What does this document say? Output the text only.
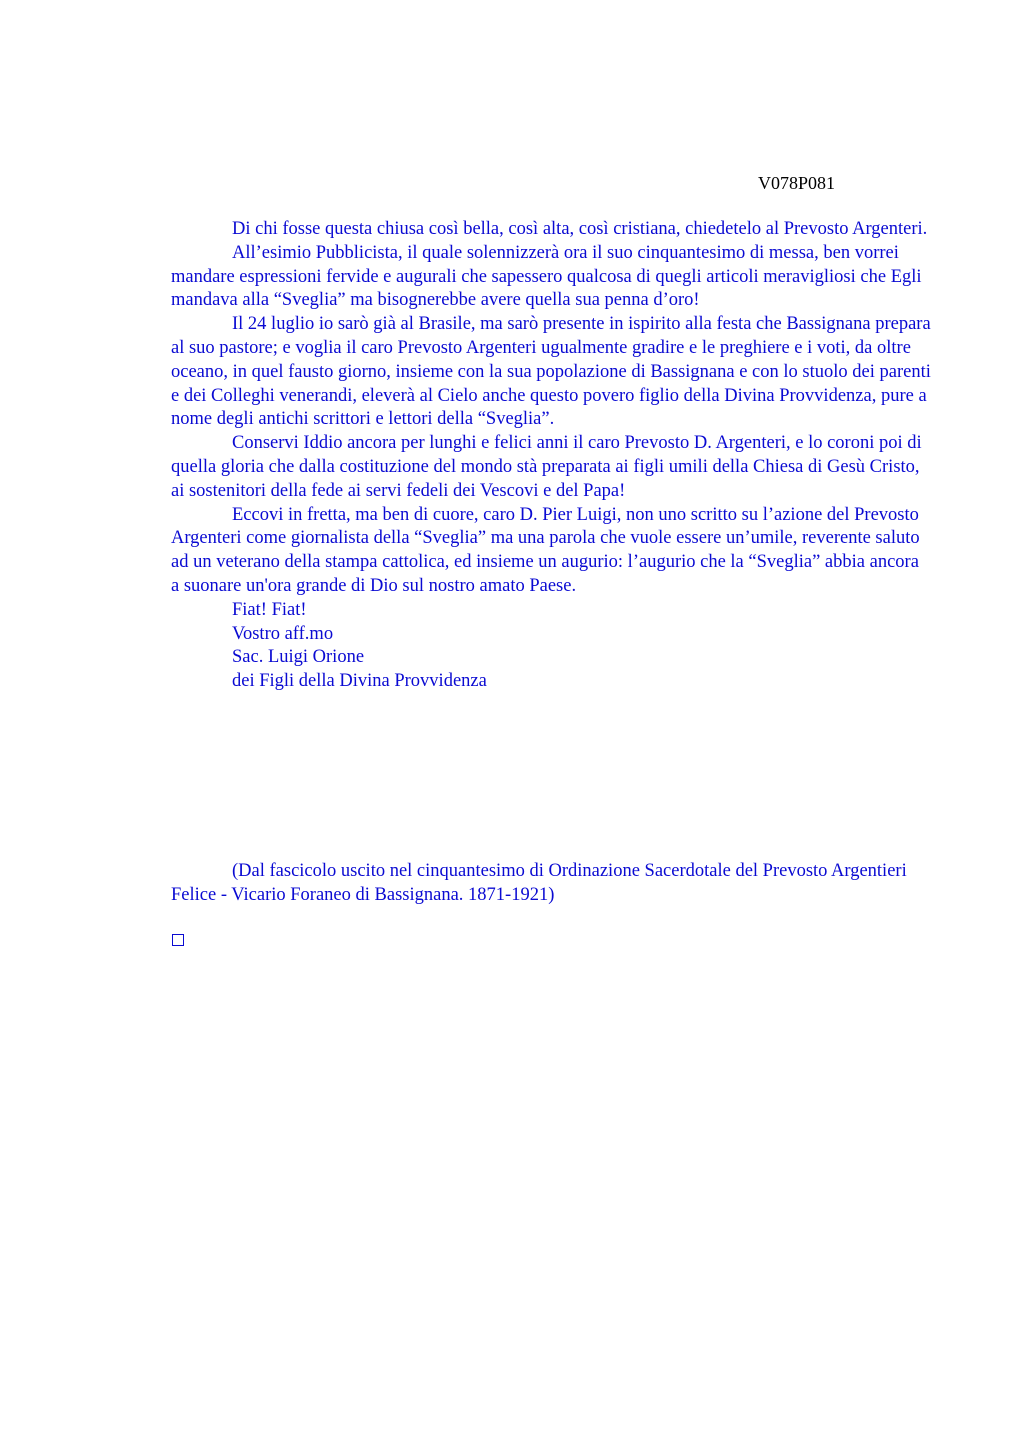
V078P081

Di chi fosse questa chiusa così bella, così alta, così cristiana, chiedetelo al Prevosto Argenteri.

All’esimio Pubblicista, il quale solennizzerà ora il suo cinquantesimo di messa, ben vorrei mandare espressioni fervide e augurali che sapessero qualcosa di quegli articoli meravigliosi che Egli mandava alla “Sveglia” ma bisognerebbe avere quella sua penna d’oro!

Il 24 luglio io sarò già al Brasile, ma sarò presente in ispirito alla festa che Bassignana prepara al suo pastore; e voglia il caro Prevosto Argenteri ugualmente gradire e le preghiere e i voti, da oltre oceano, in quel fausto giorno, insieme con la sua popolazione di Bassignana e con lo stuolo dei parenti e dei Colleghi venerandi, eleverà al Cielo anche questo povero figlio della Divina Provvidenza, pure a nome degli antichi scrittori e lettori della “Sveglia”.

Conservi Iddio ancora per lunghi e felici anni il caro Prevosto D. Argenteri, e lo coroni poi di quella gloria che dalla costituzione del mondo stà preparata ai figli umili della Chiesa di Gesù Cristo, ai sostenitori della fede ai servi fedeli dei Vescovi e del Papa!

Eccovi in fretta, ma ben di cuore, caro D. Pier Luigi, non uno scritto su l’azione del Prevosto Argenteri come giornalista della “Sveglia” ma una parola che vuole essere un’umile, reverente saluto ad un veterano della stampa cattolica, ed insieme un augurio: l’augurio che la “Sveglia” abbia ancora a suonare un'ora grande di Dio sul nostro amato Paese.

Fiat! Fiat!
Vostro aff.mo
Sac. Luigi Orione
dei Figli della Divina Provvidenza

(Dal fascicolo uscito nel cinquantesimo di Ordinazione Sacerdotale del Prevosto Argentieri Felice - Vicario Foraneo di Bassignana. 1871-1921)
